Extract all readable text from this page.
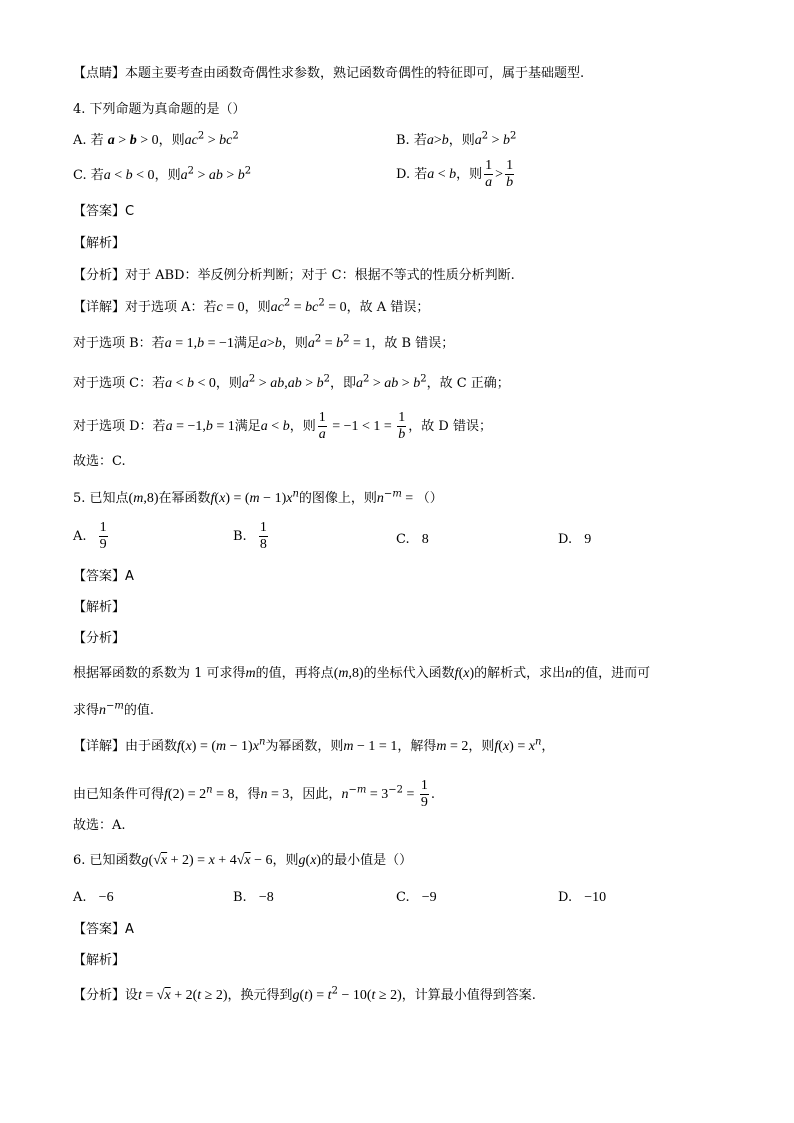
【点睛】本题主要考查由函数奇偶性求参数，熟记函数奇偶性的特征即可，属于基础题型.
4. 下列命题为真命题的是（）
A. 若 a > b > 0，则$ac^2 > bc^2$	B. 若a>b，则$a^2 > b^2$
C. 若a < b < 0，则$a^2$ > ab > $b^2$	D. 若a < b，则 $\frac{1}{a} > \frac{1}{b}$
【答案】C
【解析】
【分析】对于 ABD：举反例分析判断；对于 C：根据不等式的性质分析判断.
【详解】对于选项 A：若c = 0，则$ac^2 = bc^2 = 0$，故 A 错误；
对于选项 B：若a = 1,b = −1满足a>b，则$a^2 = b^2 = 1$，故 B 错误；
对于选项 C：若a < b < 0，则$a^2 > ab,ab > b^2$，即$a^2$ > ab > $b^2$，故 C 正确；
对于选项 D：若a = −1,b = 1满足a < b，则 $\frac{1}{a} = -1 < 1 = \frac{1}{b}$ ，故 D 错误；
故选：C.
5. 已知点(m,8)在幂函数$f(x) = (m - 1)x^n$的图像上，则$n^{-m}$ = （）
A. $\frac{1}{9}$	B. $\frac{1}{8}$	C. 8	D. 9
【答案】A
【解析】
【分析】
根据幂函数的系数为 1 可求得m的值，再将点(m,8)的坐标代入函数f(x)的解析式，求出n的值，进而可
求得$n^{-m}$的值.
【详解】由于函数$f(x) = (m - 1)x^n$为幂函数，则m − 1 = 1，解得m = 2，则$f(x) = x^n$，
由已知条件可得$f(2) = 2^n = 8$，得n = 3，因此，$n^{-m} = 3^{-2} = \frac{1}{9}$ .
故选：A.
6. 已知函数g(√x + 2) = x + 4√x − 6，则g(x)的最小值是（）
A. −6	B. −8	C. −9	D. −10
【答案】A
【解析】
【分析】设t = √x + 2(t ≥ 2)，换元得到$g(t) = t^2 - 10(t \ge 2)$，计算最小值得到答案.
